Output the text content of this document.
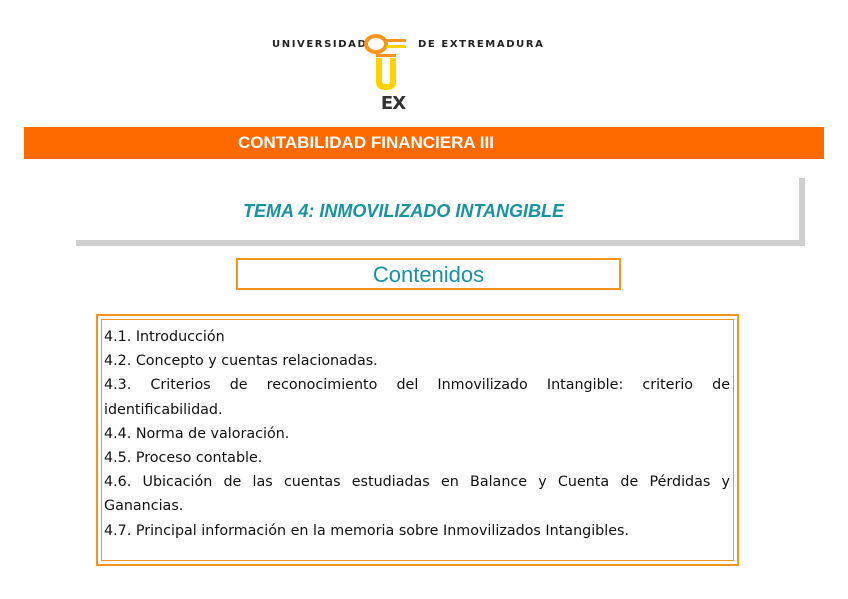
UNIVERSIDAD	DE EXTREMADURA
EX
CONTABILIDAD FINANCIERA III
TEMA 4: INMOVILIZADO INTANGIBLE
Contenidos
4.1. Introducción
4.2. Concepto y cuentas relacionadas.
4.3. Criterios de reconocimiento del Inmovilizado Intangible: criterio de identificabilidad.
4.4. Norma de valoración.
4.5. Proceso contable.
4.6. Ubicación de las cuentas estudiadas en Balance y Cuenta de Pérdidas y Ganancias.
4.7. Principal información en la memoria sobre Inmovilizados Intangibles.
